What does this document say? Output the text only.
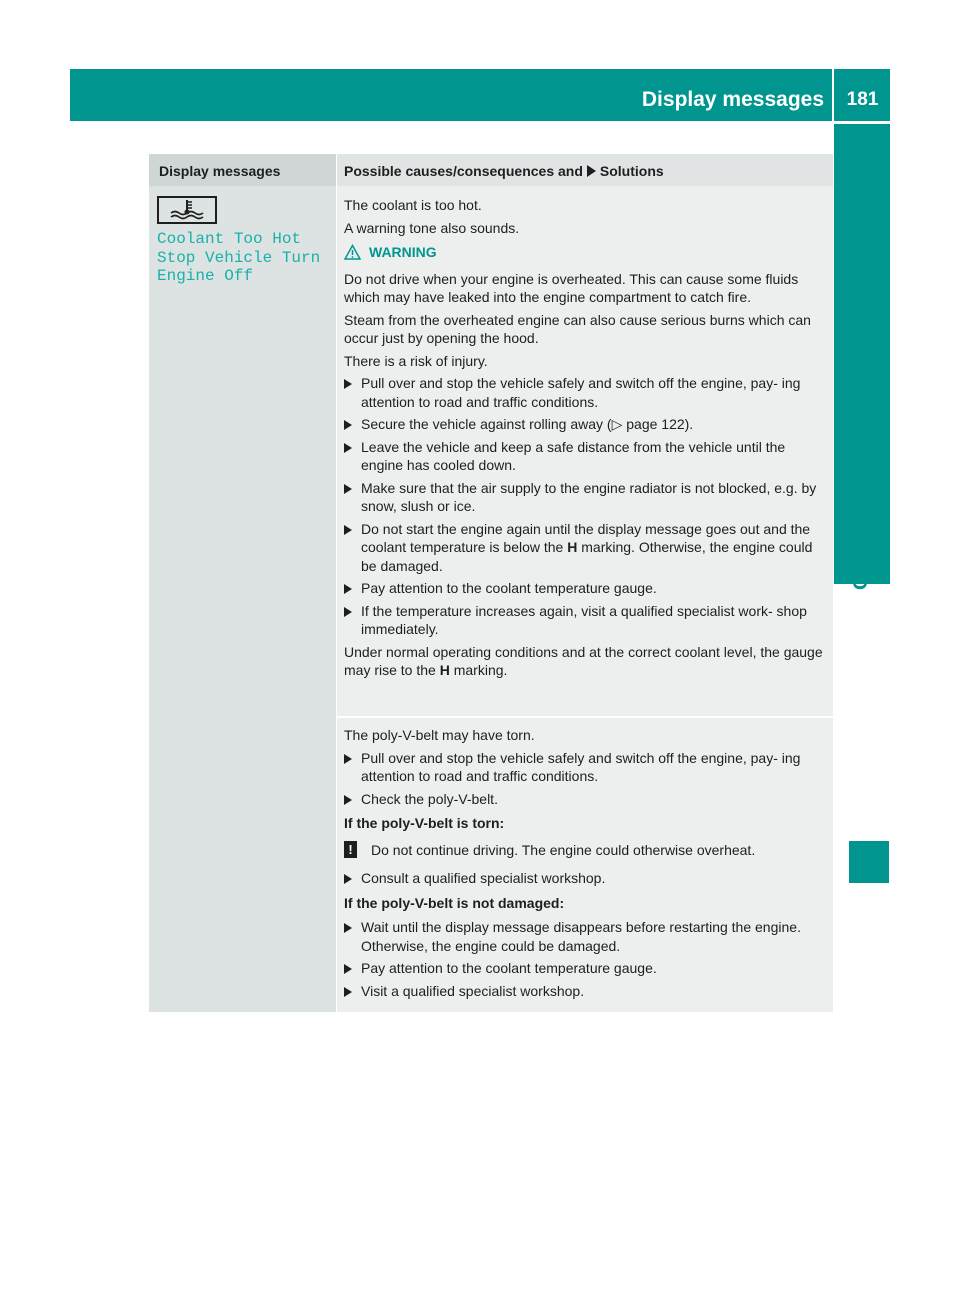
Display messages	181
On-board computer and displays
Display messages	Possible causes/consequences and Solutions
Coolant Too Hot
Stop Vehicle Turn
Engine Off

The coolant is too hot.

A warning tone also sounds.

WARNING

Do not drive when your engine is overheated. This can cause some fluids which may have leaked into the engine compartment to catch fire.

Steam from the overheated engine can also cause serious burns which can occur just by opening the hood.

There is a risk of injury.

Pull over and stop the vehicle safely and switch off the engine, pay- ing attention to road and traffic conditions.
Secure the vehicle against rolling away (▷ page 122).
Leave the vehicle and keep a safe distance from the vehicle until the engine has cooled down.
Make sure that the air supply to the engine radiator is not blocked, e.g. by snow, slush or ice.
Do not start the engine again until the display message goes out and the coolant temperature is below the H marking. Otherwise, the engine could be damaged.
Pay attention to the coolant temperature gauge.
If the temperature increases again, visit a qualified specialist work- shop immediately.

Under normal operating conditions and at the correct coolant level, the gauge may rise to the H marking.

The poly-V-belt may have torn.

Pull over and stop the vehicle safely and switch off the engine, pay- ing attention to road and traffic conditions.
Check the poly-V-belt.

If the poly-V-belt is torn:

!	Do not continue driving. The engine could otherwise overheat.
Consult a qualified specialist workshop.

If the poly-V-belt is not damaged:

Wait until the display message disappears before restarting the engine. Otherwise, the engine could be damaged.
Pay attention to the coolant temperature gauge.
Visit a qualified specialist workshop.
